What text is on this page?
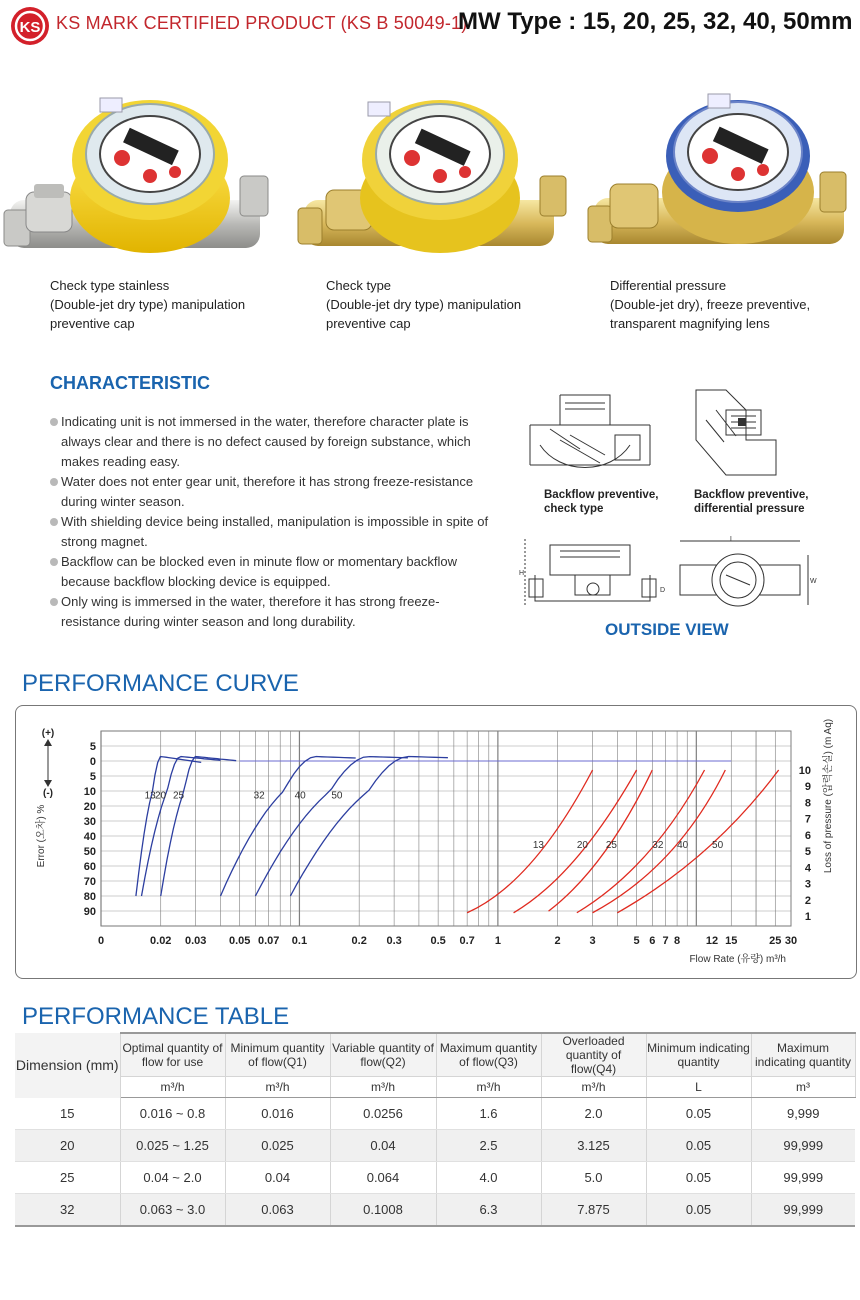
KS KS MARK CERTIFIED PRODUCT (KS B 50049-1)
MW Type : 15, 20, 25, 32, 40, 50mm
Check type stainless
(Double-jet dry type) manipulation
preventive cap
Check type
(Double-jet dry type) manipulation
preventive cap
Differential pressure
(Double-jet dry), freeze preventive,
transparent magnifying lens
CHARACTERISTIC
Indicating unit is not immersed in the water, therefore character plate is always clear and there is no defect caused by foreign substance, which makes reading easy.
Water does not enter gear unit, therefore it has strong freeze-resistance during winter season.
With shielding device being installed, manipulation is impossible in spite of strong magnet.
Backflow can be blocked even in minute flow or momentary backflow because backflow blocking device is equipped.
Only wing is immersed in the water, therefore it has strong freeze-resistance during winter season and long durability.
Backflow preventive,
check type
Backflow preventive,
differential pressure
H
D
L
W
OUTSIDE VIEW
PERFORMANCE CURVE
0	0.02 0.03 0.05 0.07 0.1	0.2 0.3	0.5 0.7 1	2	3	5 6 7 8 12 15	25 30
Flow Rate (유량) m³/h
5
0
5
10
20
30
40
50
60
70
80
90
(+)
(-)
Error (오차) %
10
9
8
7
6
5
4
3
2
1
Loss of pressure (압력손실) (m Aq)
13 20 25	32	40	50
13	20 25	32 40 50
PERFORMANCE TABLE
Dimension (mm)	Optimal quantity of flow for use	Minimum quantity of flow(Q1)	Variable quantity of flow(Q2)	Maximum quantity of flow(Q3)	Overloaded quantity of flow(Q4)	Minimum indicating quantity	Maximum indicating quantity
	m³/h	m³/h	m³/h	m³/h	m³/h	L	m³
15	0.016 ~ 0.8	0.016	0.0256	1.6	2.0	0.05	9,999
20	0.025 ~ 1.25	0.025	0.04	2.5	3.125	0.05	99,999
25	0.04 ~ 2.0	0.04	0.064	4.0	5.0	0.05	99,999
32	0.063 ~ 3.0	0.063	0.1008	6.3	7.875	0.05	99,999
